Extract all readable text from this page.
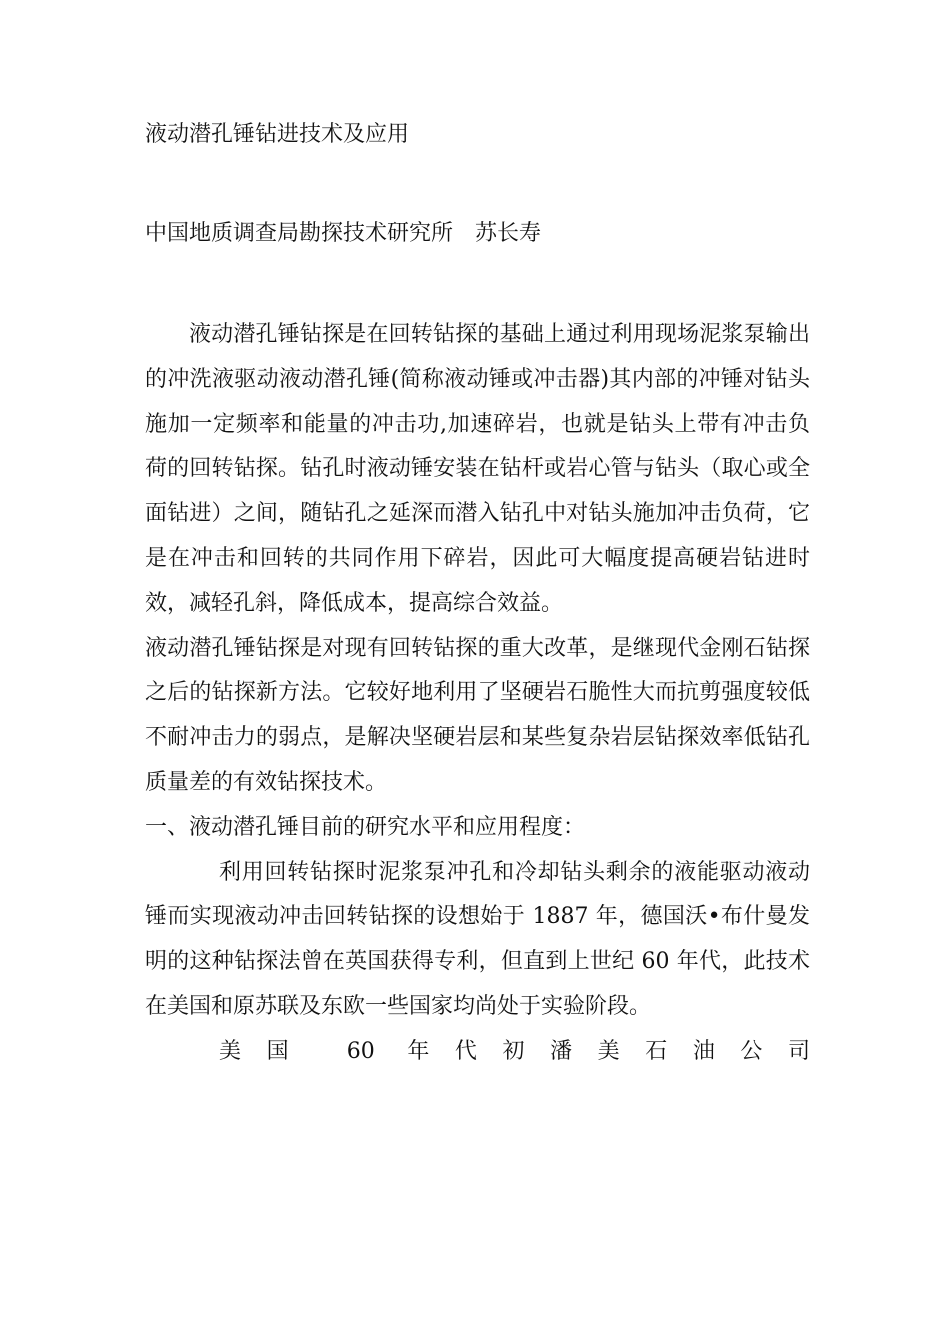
液动潜孔锤钻进技术及应用
中国地质调查局勘探技术研究所 苏长寿

液动潜孔锤钻探是在回转钻探的基础上通过利用现场泥浆泵输出的冲洗液驱动液动潜孔锤(简称液动锤或冲击器)其内部的冲锤对钻头施加一定频率和能量的冲击功,加速碎岩，也就是钻头上带有冲击负荷的回转钻探。钻孔时液动锤安装在钻杆或岩心管与钻头（取心或全面钻进）之间，随钻孔之延深而潜入钻孔中对钻头施加冲击负荷，它是在冲击和回转的共同作用下碎岩，因此可大幅度提高硬岩钻进时效，减轻孔斜，降低成本，提高综合效益。

液动潜孔锤钻探是对现有回转钻探的重大改革，是继现代金刚石钻探之后的钻探新方法。它较好地利用了坚硬岩石脆性大而抗剪强度较低不耐冲击力的弱点，是解决坚硬岩层和某些复杂岩层钻探效率低钻孔质量差的有效钻探技术。

一、液动潜孔锤目前的研究水平和应用程度：

利用回转钻探时泥浆泵冲孔和冷却钻头剩余的液能驱动液动锤而实现液动冲击回转钻探的设想始于 1887 年，德国沃•布什曼发明的这种钻探法曾在英国获得专利，但直到上世纪 60 年代，此技术在美国和原苏联及东欧一些国家均尚处于实验阶段。
美国 60 年代初潘美石油公司
